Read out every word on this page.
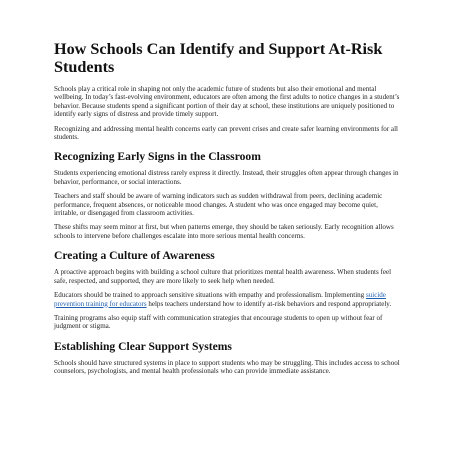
How Schools Can Identify and Support At-Risk Students

Schools play a critical role in shaping not only the academic future of students but also their emotional and mental wellbeing. In today’s fast-evolving environment, educators are often among the first adults to notice changes in a student’s behavior. Because students spend a significant portion of their day at school, these institutions are uniquely positioned to identify early signs of distress and provide timely support.

Recognizing and addressing mental health concerns early can prevent crises and create safer learning environments for all students.

Recognizing Early Signs in the Classroom

Students experiencing emotional distress rarely express it directly. Instead, their struggles often appear through changes in behavior, performance, or social interactions.

Teachers and staff should be aware of warning indicators such as sudden withdrawal from peers, declining academic performance, frequent absences, or noticeable mood changes. A student who was once engaged may become quiet, irritable, or disengaged from classroom activities.

These shifts may seem minor at first, but when patterns emerge, they should be taken seriously. Early recognition allows schools to intervene before challenges escalate into more serious mental health concerns.

Creating a Culture of Awareness

A proactive approach begins with building a school culture that prioritizes mental health awareness. When students feel safe, respected, and supported, they are more likely to seek help when needed.

Educators should be trained to approach sensitive situations with empathy and professionalism. Implementing suicide prevention training for educators helps teachers understand how to identify at-risk behaviors and respond appropriately.

Training programs also equip staff with communication strategies that encourage students to open up without fear of judgment or stigma.

Establishing Clear Support Systems

Schools should have structured systems in place to support students who may be struggling. This includes access to school counselors, psychologists, and mental health professionals who can provide immediate assistance.
